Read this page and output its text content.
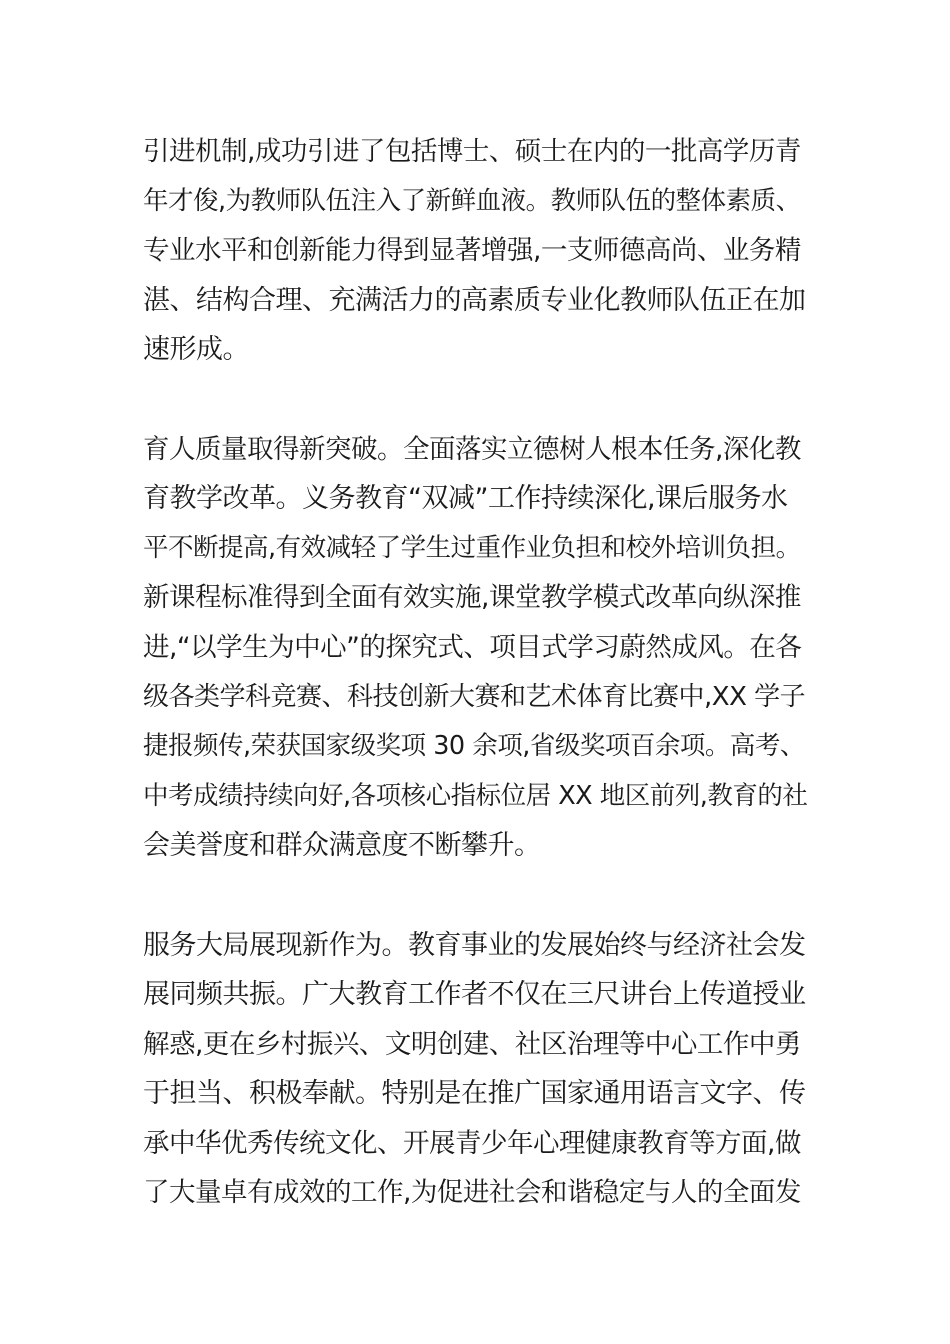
引进机制,成功引进了包括博士、硕士在内的一批高学历青
年才俊,为教师队伍注入了新鲜血液。教师队伍的整体素质、
专业水平和创新能力得到显著增强,一支师德高尚、业务精
湛、结构合理、充满活力的高素质专业化教师队伍正在加
速形成。
育人质量取得新突破。全面落实立德树人根本任务,深化教
育教学改革。义务教育“双减”工作持续深化,课后服务水
平不断提高,有效减轻了学生过重作业负担和校外培训负担。
新课程标准得到全面有效实施,课堂教学模式改革向纵深推
进,“以学生为中心”的探究式、项目式学习蔚然成风。在各
级各类学科竞赛、科技创新大赛和艺术体育比赛中,XX 学子
捷报频传,荣获国家级奖项 30 余项,省级奖项百余项。高考、
中考成绩持续向好,各项核心指标位居 XX 地区前列,教育的社
会美誉度和群众满意度不断攀升。
服务大局展现新作为。教育事业的发展始终与经济社会发
展同频共振。广大教育工作者不仅在三尺讲台上传道授业
解惑,更在乡村振兴、文明创建、社区治理等中心工作中勇
于担当、积极奉献。特别是在推广国家通用语言文字、传
承中华优秀传统文化、开展青少年心理健康教育等方面,做
了大量卓有成效的工作,为促进社会和谐稳定与人的全面发
